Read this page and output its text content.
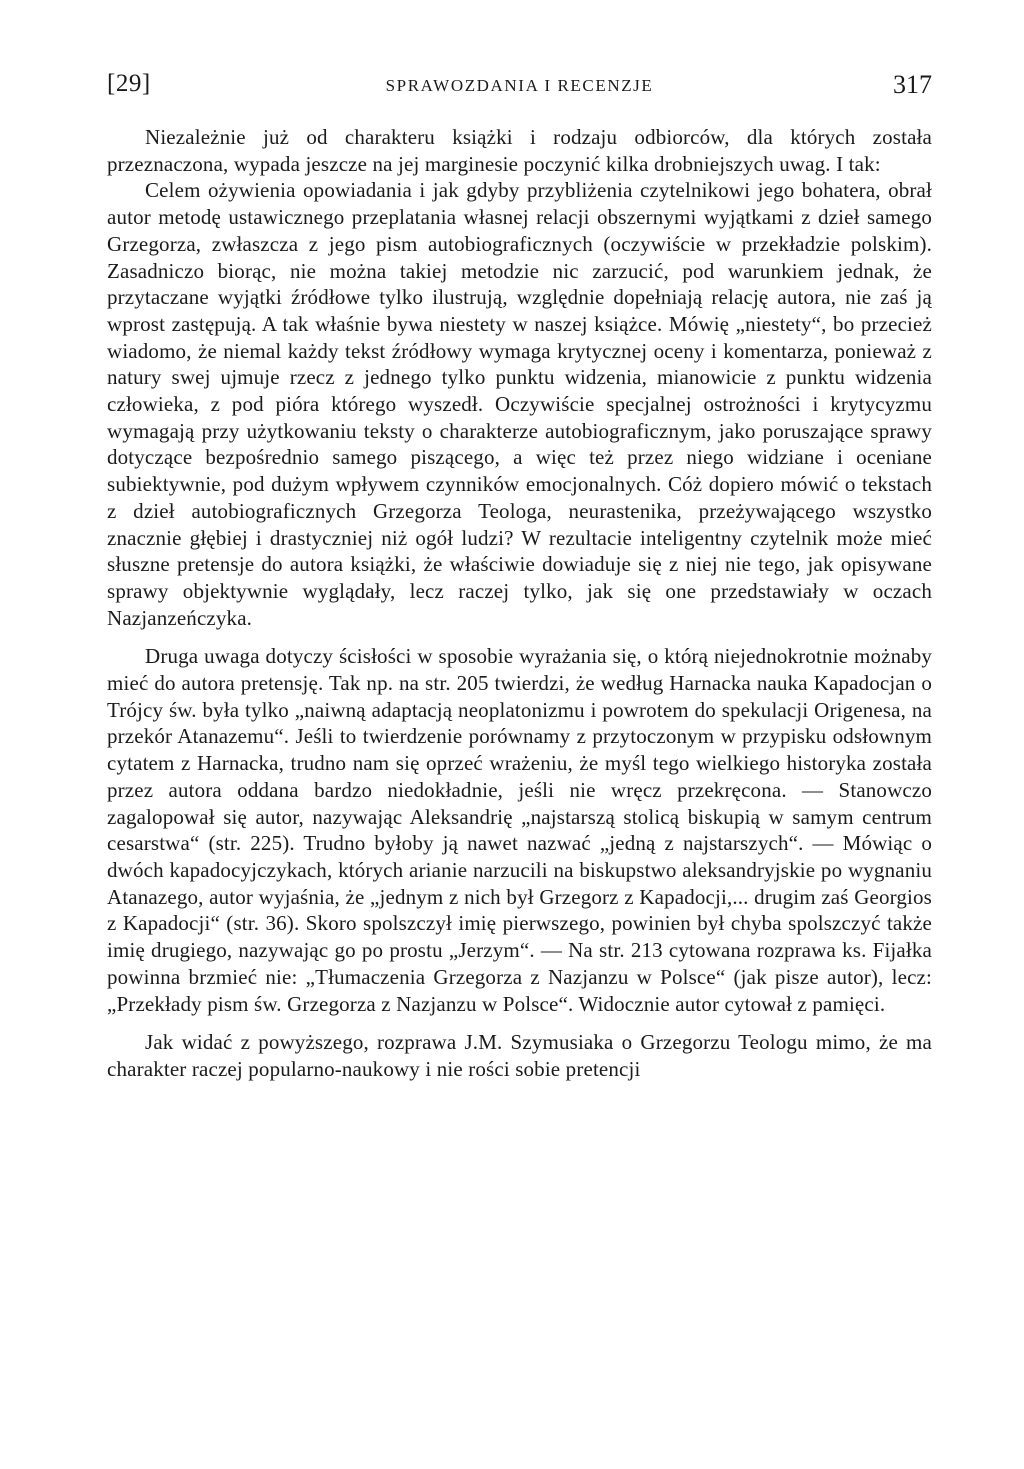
[29]	SPRAWOZDANIA I RECENZJE	317

Niezależnie już od charakteru książki i rodzaju odbiorców, dla których została przeznaczona, wypada jeszcze na jej marginesie poczynić kilka drobniejszych uwag. I tak:

Celem ożywienia opowiadania i jak gdyby przybliżenia czytelnikowi jego bohatera, obrał autor metodę ustawicznego przeplatania własnej relacji obszernymi wyjątkami z dzieł samego Grzegorza, zwłaszcza z jego pism autobiograficznych (oczywiście w przekładzie polskim). Zasadniczo biorąc, nie można takiej metodzie nic zarzucić, pod warunkiem jednak, że przytaczane wyjątki źródłowe tylko ilustrują, względnie dopełniają relację autora, nie zaś ją wprost zastępują. A tak właśnie bywa niestety w naszej książce. Mówię „niestety“, bo przecież wiadomo, że niemal każdy tekst źródłowy wymaga krytycznej oceny i komentarza, ponieważ z natury swej ujmuje rzecz z jednego tylko punktu widzenia, mianowicie z punktu widzenia człowieka, z pod pióra którego wyszedł. Oczywiście specjalnej ostrożności i krytycyzmu wymagają przy użytkowaniu teksty o charakterze autobiograficznym, jako poruszające sprawy dotyczące bezpośrednio samego piszącego, a więc też przez niego widziane i oceniane subiektywnie, pod dużym wpływem czynników emocjonalnych. Cóż dopiero mówić o tekstach z dzieł autobiograficznych Grzegorza Teologa, neurastenika, przeżywającego wszystko znacznie głębiej i drastyczniej niż ogół ludzi? W rezultacie inteligentny czytelnik może mieć słuszne pretensje do autora książki, że właściwie dowiaduje się z niej nie tego, jak opisywane sprawy objektywnie wyglądały, lecz raczej tylko, jak się one przedstawiały w oczach Nazjanzeńczyka.

Druga uwaga dotyczy ścisłości w sposobie wyrażania się, o którą niejednokrotnie możnaby mieć do autora pretensję. Tak np. na str. 205 twierdzi, że według Harnacka nauka Kapadocjan o Trójcy św. była tylko „naiwną adaptacją neoplatonizmu i powrotem do spekulacji Origenesa, na przekór Atanazemu“. Jeśli to twierdzenie porównamy z przytoczonym w przypisku odsłownym cytatem z Harnacka, trudno nam się oprzeć wrażeniu, że myśl tego wielkiego historyka została przez autora oddana bardzo niedokładnie, jeśli nie wręcz przekręcona. — Stanowczo zagalopował się autor, nazywając Aleksandrię „najstarszą stolicą biskupią w samym centrum cesarstwa“ (str. 225). Trudno byłoby ją nawet nazwać „jedną z najstarszych“. — Mówiąc o dwóch kapadocyjczykach, których arianie narzucili na biskupstwo aleksandryjskie po wygnaniu Atanazego, autor wyjaśnia, że „jednym z nich był Grzegorz z Kapadocji,... drugim zaś Georgios z Kapadocji“ (str. 36). Skoro spolszczył imię pierwszego, powinien był chyba spolszczyć także imię drugiego, nazywając go po prostu „Jerzym“. — Na str. 213 cytowana rozprawa ks. Fijałka powinna brzmieć nie: „Tłumaczenia Grzegorza z Nazjanzu w Polsce“ (jak pisze autor), lecz: „Przekłady pism św. Grzegorza z Nazjanzu w Polsce“. Widocznie autor cytował z pamięci.

Jak widać z powyższego, rozprawa J.M. Szymusiaka o Grzegorzu Teologu mimo, że ma charakter raczej popularno-naukowy i nie rości sobie pretencji
